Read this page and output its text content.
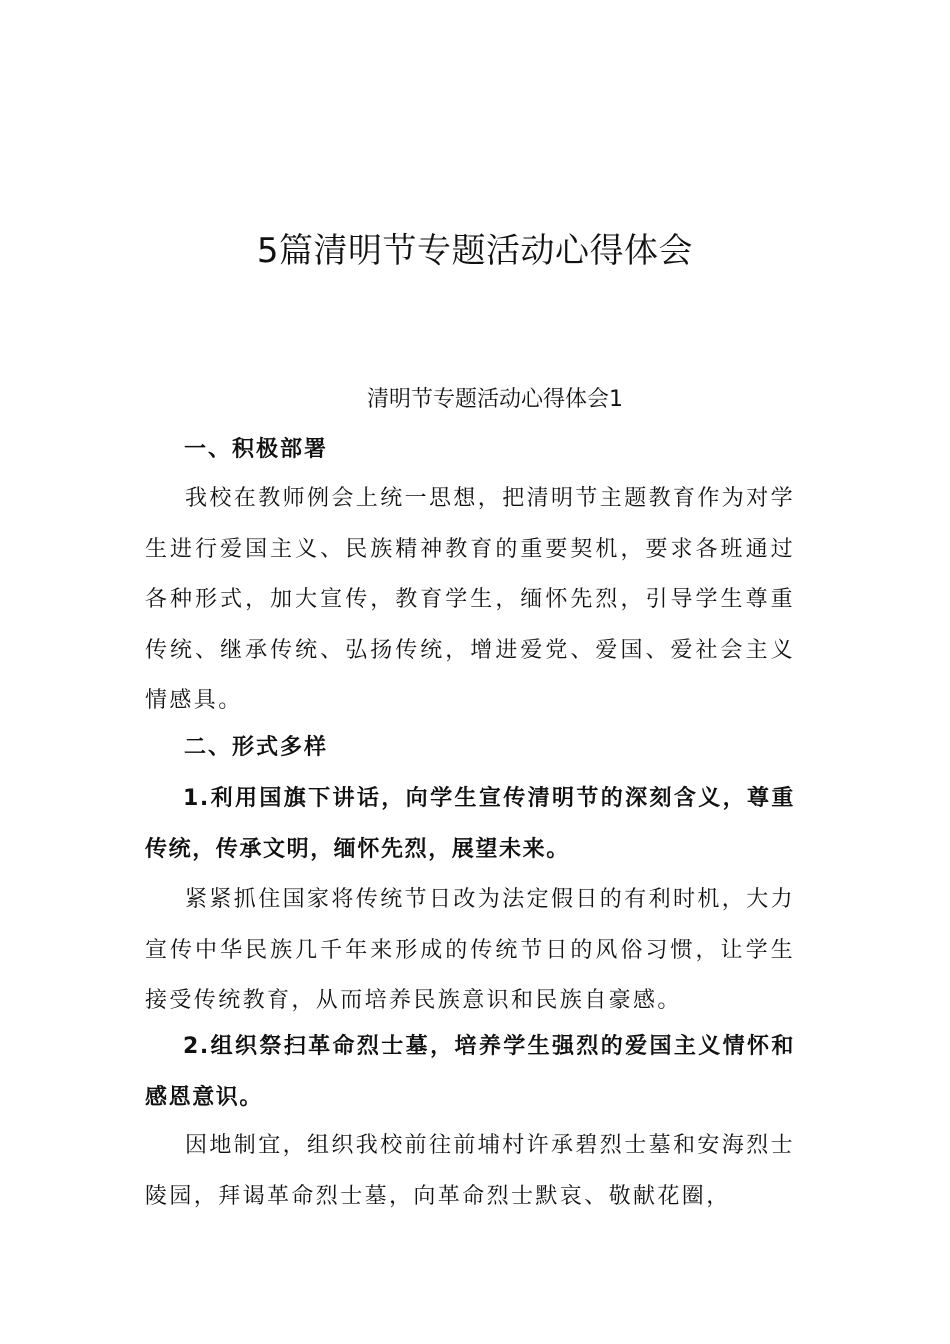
5篇清明节专题活动心得体会
清明节专题活动心得体会1
一、积极部署

我校在教师例会上统一思想，把清明节主题教育作为对学生进行爱国主义、民族精神教育的重要契机，要求各班通过各种形式，加大宣传，教育学生，缅怀先烈，引导学生尊重传统、继承传统、弘扬传统，增进爱党、爱国、爱社会主义情感具。

二、形式多样

1.利用国旗下讲话，向学生宣传清明节的深刻含义，尊重传统，传承文明，缅怀先烈，展望未来。

紧紧抓住国家将传统节日改为法定假日的有利时机，大力宣传中华民族几千年来形成的传统节日的风俗习惯，让学生接受传统教育，从而培养民族意识和民族自豪感。

2.组织祭扫革命烈士墓，培养学生强烈的爱国主义情怀和感恩意识。

因地制宜，组织我校前往前埔村许承碧烈士墓和安海烈士陵园，拜谒革命烈士墓，向革命烈士默哀、敬献花圈，
